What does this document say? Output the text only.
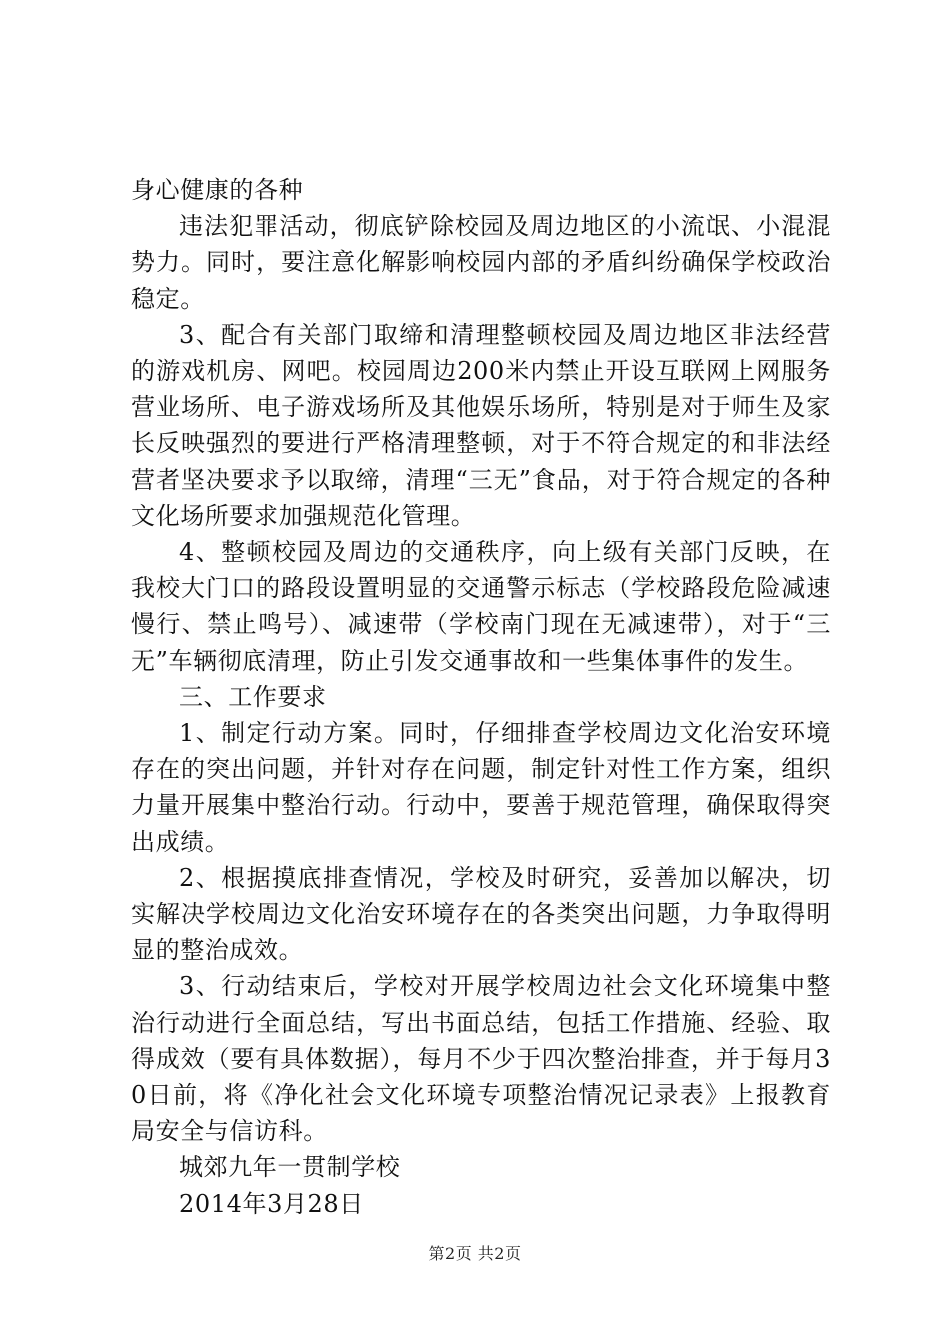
身心健康的各种

违法犯罪活动，彻底铲除校园及周边地区的小流氓、小混混势力。同时，要注意化解影响校园内部的矛盾纠纷确保学校政治稳定。

3、配合有关部门取缔和清理整顿校园及周边地区非法经营的游戏机房、网吧。校园周边200米内禁止开设互联网上网服务营业场所、电子游戏场所及其他娱乐场所，特别是对于师生及家长反映强烈的要进行严格清理整顿，对于不符合规定的和非法经营者坚决要求予以取缔，清理“三无”食品，对于符合规定的各种文化场所要求加强规范化管理。

4、整顿校园及周边的交通秩序，向上级有关部门反映，在我校大门口的路段设置明显的交通警示标志（学校路段危险减速慢行、禁止鸣号）、减速带（学校南门现在无减速带），对于“三无”车辆彻底清理，防止引发交通事故和一些集体事件的发生。

三、工作要求

1、制定行动方案。同时，仔细排查学校周边文化治安环境存在的突出问题，并针对存在问题，制定针对性工作方案，组织力量开展集中整治行动。行动中，要善于规范管理，确保取得突出成绩。

2、根据摸底排查情况，学校及时研究，妥善加以解决，切实解决学校周边文化治安环境存在的各类突出问题，力争取得明显的整治成效。

3、行动结束后，学校对开展学校周边社会文化环境集中整治行动进行全面总结，写出书面总结，包括工作措施、经验、取得成效（要有具体数据），每月不少于四次整治排查，并于每月30日前，将《净化社会文化环境专项整治情况记录表》上报教育局安全与信访科。

城郊九年一贯制学校

2014年3月28日

第2页 共2页
